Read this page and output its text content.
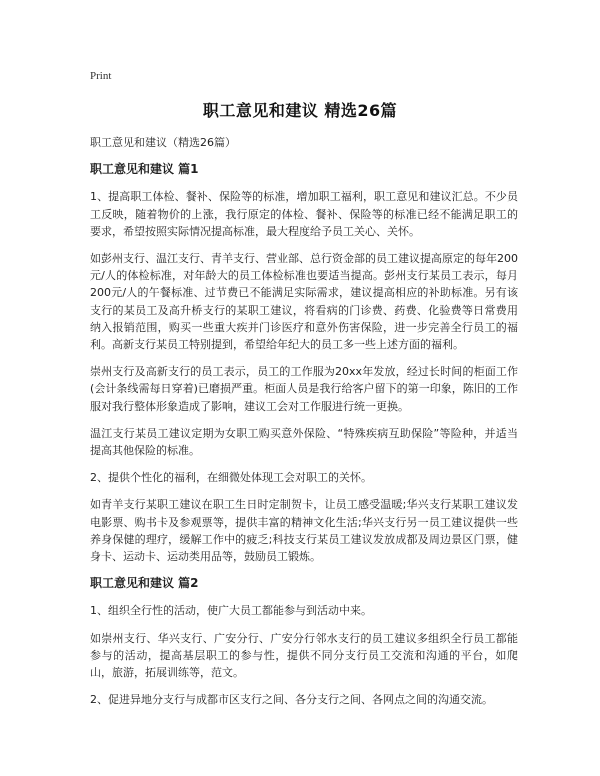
Print
职工意见和建议 精选26篇

职工意见和建议（精选26篇）

职工意见和建议 篇1

1、提高职工体检、餐补、保险等的标准，增加职工福利，职工意见和建议汇总。不少员工反映，随着物价的上涨，我行原定的体检、餐补、保险等的标准已经不能满足职工的要求，希望按照实际情况提高标准，最大程度给予员工关心、关怀。

如彭州支行、温江支行、青羊支行、营业部、总行资金部的员工建议提高原定的每年200元/人的体检标准，对年龄大的员工体检标准也要适当提高。彭州支行某员工表示，每月200元/人的午餐标准、过节费已不能满足实际需求，建议提高相应的补助标准。另有该支行的某员工及高升桥支行的某职工建议，将看病的门诊费、药费、化验费等日常费用纳入报销范围，购买一些重大疾并门诊医疗和意外伤害保险，进一步完善全行员工的福利。高新支行某员工特别提到，希望给年纪大的员工多一些上述方面的福利。

崇州支行及高新支行的员工表示，员工的工作服为20xx年发放，经过长时间的柜面工作(会计条线需每日穿着)已磨损严重。柜面人员是我行给客户留下的第一印象，陈旧的工作服对我行整体形象造成了影响，建议工会对工作服进行统一更换。

温江支行某员工建议定期为女职工购买意外保险、“特殊疾病互助保险”等险种，并适当提高其他保险的标准。

2、提供个性化的福利，在细微处体现工会对职工的关怀。

如青羊支行某职工建议在职工生日时定制贺卡，让员工感受温暖;华兴支行某职工建议发电影票、购书卡及参观票等，提供丰富的精神文化生活;华兴支行另一员工建议提供一些养身保健的理疗，缓解工作中的疲乏;科技支行某员工建议发放成都及周边景区门票，健身卡、运动卡、运动类用品等，鼓励员工锻炼。

职工意见和建议 篇2

1、组织全行性的活动，使广大员工都能参与到活动中来。

如崇州支行、华兴支行、广安分行、广安分行邻水支行的员工建议多组织全行员工都能参与的活动，提高基层职工的参与性，提供不同分支行员工交流和沟通的平台，如爬山，旅游，拓展训练等，范文。

2、促进异地分支行与成都市区支行之间、各分支行之间、各网点之间的沟通交流。
